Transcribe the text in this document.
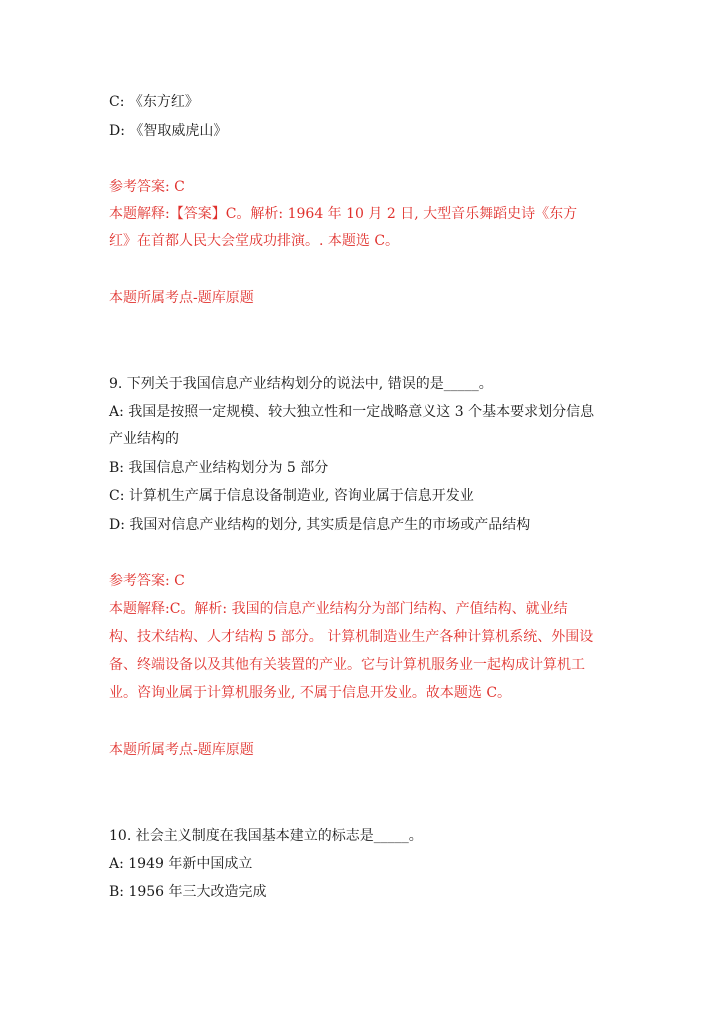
C: 《东方红》
D: 《智取威虎山》
参考答案: C
本题解释:【答案】C。解析: 1964 年 10 月 2 日, 大型音乐舞蹈史诗《东方
红》在首都人民大会堂成功排演。. 本题选 C。
本题所属考点-题库原题
9. 下列关于我国信息产业结构划分的说法中, 错误的是_____。
A: 我国是按照一定规模、较大独立性和一定战略意义这 3 个基本要求划分信息
产业结构的
B: 我国信息产业结构划分为 5 部分
C: 计算机生产属于信息设备制造业, 咨询业属于信息开发业
D: 我国对信息产业结构的划分, 其实质是信息产生的市场或产品结构
参考答案: C
本题解释:C。解析: 我国的信息产业结构分为部门结构、产值结构、就业结
构、技术结构、人才结构 5 部分。 计算机制造业生产各种计算机系统、外围设
备、终端设备以及其他有关装置的产业。它与计算机服务业一起构成计算机工
业。咨询业属于计算机服务业, 不属于信息开发业。故本题选 C。
本题所属考点-题库原题
10. 社会主义制度在我国基本建立的标志是_____。
A: 1949 年新中国成立
B: 1956 年三大改造完成
